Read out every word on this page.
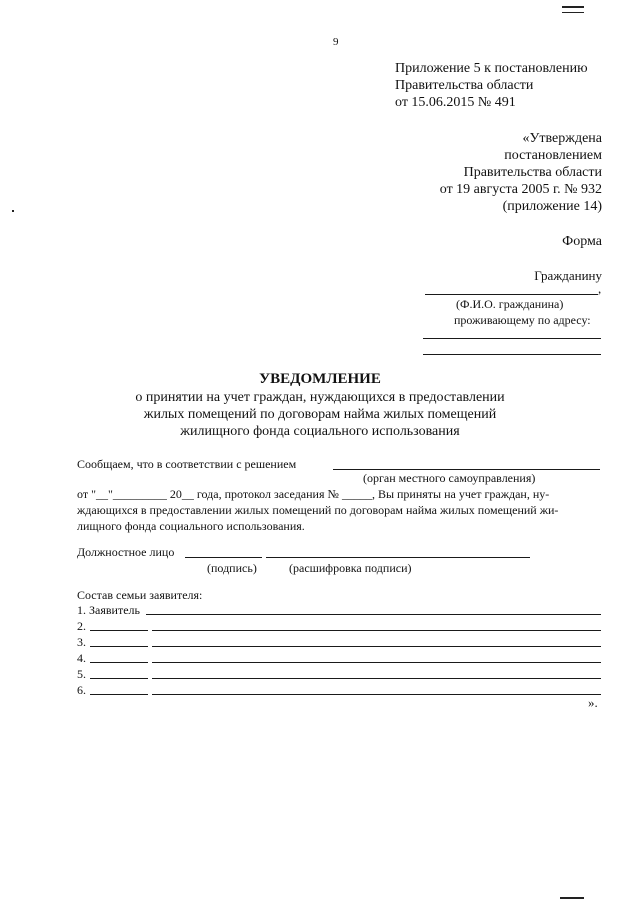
9
Приложение 5 к постановлению
Правительства области
от 15.06.2015 № 491
«Утверждена
постановлением
Правительства области
от 19 августа 2005 г. № 932
(приложение 14)
Форма
Гражданину
,
(Ф.И.О. гражданина)
проживающему по адресу:
УВЕДОМЛЕНИЕ
о принятии на учет граждан, нуждающихся в предоставлении
жилых помещений по договорам найма жилых помещений
жилищного фонда социального использования
Сообщаем, что в соответствии с решением
(орган местного самоуправления)
от "__"_________ 20__ года, протокол заседания № _____, Вы приняты на учет граждан, ну-
ждающихся в предоставлении жилых помещений по договорам найма жилых помещений жи-
лищного фонда социального использования.
Должностное лицо
(подпись)	(расшифровка подписи)
Состав семьи заявителя:
1. Заявитель
2.
3.
4.
5.
6.
».
